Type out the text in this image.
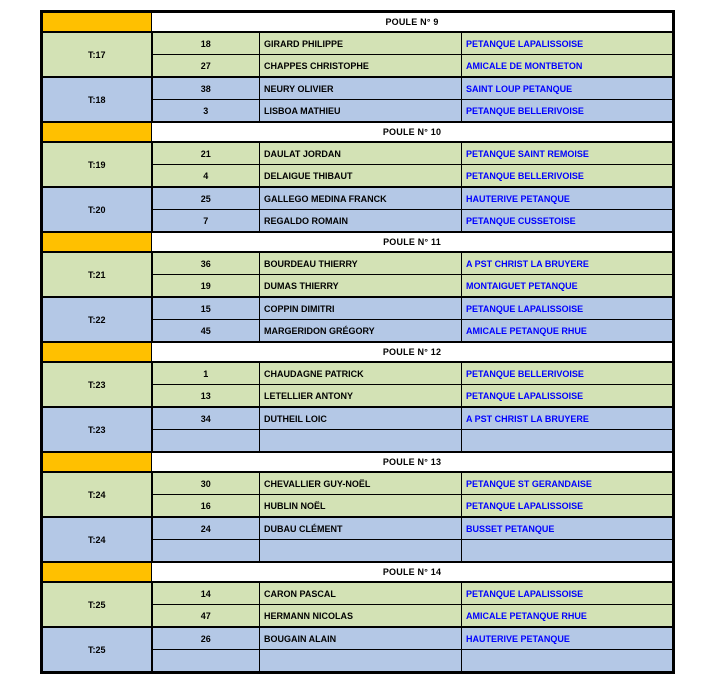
	POULE N° 9		
T:17	18	GIRARD PHILIPPE	PETANQUE LAPALISSOISE
	27	CHAPPES CHRISTOPHE	AMICALE DE MONTBETON
T:18	38	NEURY OLIVIER	SAINT LOUP PETANQUE
	3	LISBOA MATHIEU	PETANQUE BELLERIVOISE
	POULE N° 10		
T:19	21	DAULAT JORDAN	PETANQUE SAINT REMOISE
	4	DELAIGUE THIBAUT	PETANQUE BELLERIVOISE
T:20	25	GALLEGO MEDINA FRANCK	HAUTERIVE PETANQUE
	7	REGALDO ROMAIN	PETANQUE CUSSETOISE
	POULE N° 11		
T:21	36	BOURDEAU THIERRY	A PST CHRIST LA BRUYERE
	19	DUMAS THIERRY	MONTAIGUET PETANQUE
T:22	15	COPPIN DIMITRI	PETANQUE LAPALISSOISE
	45	MARGERIDON GRÉGORY	AMICALE PETANQUE RHUE
	POULE N° 12		
T:23	1	CHAUDAGNE PATRICK	PETANQUE BELLERIVOISE
	13	LETELLIER ANTONY	PETANQUE LAPALISSOISE
T:23	34	DUTHEIL LOIC	A PST CHRIST LA BRUYERE

	POULE N° 13		
T:24	30	CHEVALLIER GUY-NOËL	PETANQUE ST GERANDAISE
	16	HUBLIN NOËL	PETANQUE LAPALISSOISE
T:24	24	DUBAU CLÉMENT	BUSSET PETANQUE

	POULE N° 14		
T:25	14	CARON PASCAL	PETANQUE LAPALISSOISE
	47	HERMANN NICOLAS	AMICALE PETANQUE RHUE
T:25	26	BOUGAIN ALAIN	HAUTERIVE PETANQUE
